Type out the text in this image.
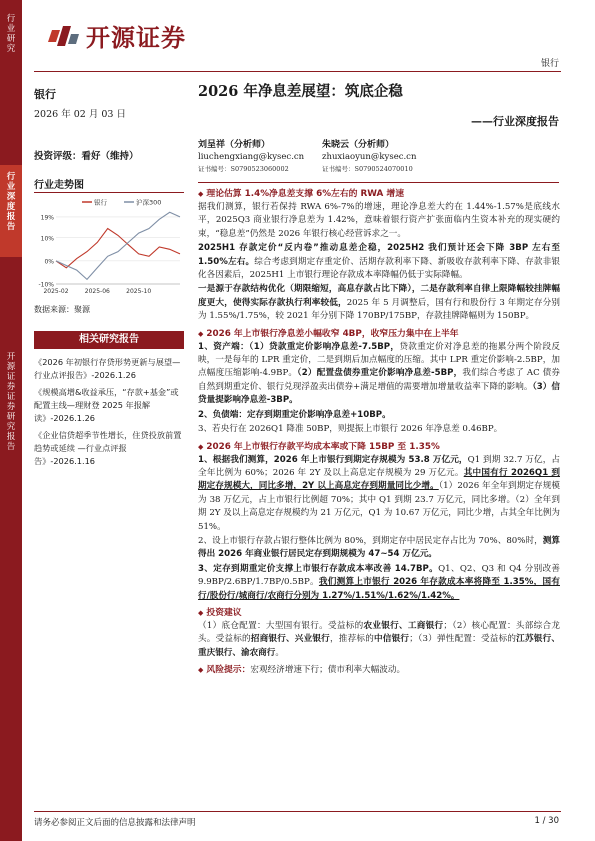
行业研究
行业深度报告
开源证券 证券研究报告
开源证券
银行
银行
2026 年 02 月 03 日
投资评级：看好（维持）
行业走势图
19%
10%
0%
-10%
2025-02	2025-06	2025-10
银行	沪深300
数据来源：聚源
相关研究报告
《2026 年初银行存贷形势更新与展望—行业点评报告》-2026.1.26
《规模高增&收益承压，“存款+基金”或配置主线—理财登 2025 年报解读》-2026.1.26
《企业信贷超季节性增长，住贷投放前置趋势或延续 —行业点评报告》-2026.1.16
2026 年净息差展望：筑底企稳
——行业深度报告
刘呈祥（分析师）
liuchengxiang@kysec.cn
证书编号：S0790523060002
朱晓云（分析师）
zhuxiaoyun@kysec.cn
证书编号：S0790524070010
◆ 理论估算 1.4%净息差支撑 6%左右的 RWA 增速

据我们测算，银行若保持 RWA 6%-7%的增速，理论净息差大约在 1.44%-1.57%是底线水平，2025Q3 商业银行净息差为 1.42%，意味着银行资产扩张面临内生资本补充的现实硬约束，“稳息差”仍然是 2026 年银行核心经营诉求之一。

2025H1 存款定价“反内卷”推动息差企稳，2025H2 我们预计还会下降 3BP 左右至 1.50%左右。综合考虑到期定存重定价、活期存款利率下降、新吸收存款利率下降、存款非银化各因素后，2025H1 上市银行理论存款成本率降幅仍低于实际降幅。

一是源于存款结构优化（期限缩短，高息存款占比下降），二是存款利率自律上限降幅较挂牌幅度更大，使得实际存款执行利率较低，2025 年 5 月调整后，国有行和股份行 3 年期定存分别为 1.55%/1.75%，较 2021 年分别下降 170BP/175BP，存款挂牌降幅则为 150BP。

◆ 2026 年上市银行净息差小幅收窄 4BP，收窄压力集中在上半年

1、资产端：（1）贷款重定价影响净息差-7.5BP，贷款重定价对净息差的拖累分两个阶段反映，一是每年的 LPR 重定价，二是到期后加点幅度的压缩。其中 LPR 重定价影响-2.5BP，加点幅度压缩影响-4.9BP。（2）配置盘债券重定价影响净息差-5BP，我们综合考虑了 AC 债券自然到期重定价、银行兑现浮盈卖出债券+满足增值的需要增加增量收益率下降的影响。（3）信贷量提影响净息差-3BP。

2、负债端：定存到期重定价影响净息差+10BP。

3、若央行在 2026Q1 降准 50BP，则提振上市银行 2026 年净息差 0.46BP。

◆ 2026 年上市银行存款平均成本率或下降 15BP 至 1.35%

1、根据我们测算，2026 年上市银行到期定存规模为 53.8 万亿元，Q1 到期 32.7 万亿，占全年比例为 60%；2026 年 2Y 及以上高息定存规模为 29 万亿元。其中国有行 2026Q1 到期定存规模大，同比多增，2Y 以上高息定存到期量同比少增。（1）2026 年全年到期定存规模为 38 万亿元，占上市银行比例超 70%；其中 Q1 到期 23.7 万亿元，同比多增。（2）全年到期 2Y 及以上高息定存规模约为 21 万亿元，Q1 为 10.67 万亿元，同比少增，占其全年比例为 51%。

2、设上市银行存款占银行整体比例为 80%，到期定存中居民定存占比为 70%、80%时，测算得出 2026 年商业银行居民定存到期规模为 47~54 万亿元。

3、定存到期重定价支撑上市银行存款成本率改善 14.7BP。Q1、Q2、Q3 和 Q4 分别改善 9.9BP/2.6BP/1.7BP/0.5BP。我们测算上市银行 2026 年存款成本率将降至 1.35%，国有行/股份行/城商行/农商行分别为 1.27%/1.51%/1.62%/1.42%。

◆ 投资建议

（1）底仓配置：大型国有银行。受益标的农业银行、工商银行；（2）核心配置：头部综合龙头。受益标的招商银行、兴业银行，推荐标的中信银行；（3）弹性配置：受益标的江苏银行、重庆银行、渝农商行。

◆ 风险提示：宏观经济增速下行；债市利率大幅波动。

请务必参阅正文后面的信息披露和法律声明	1 / 30
